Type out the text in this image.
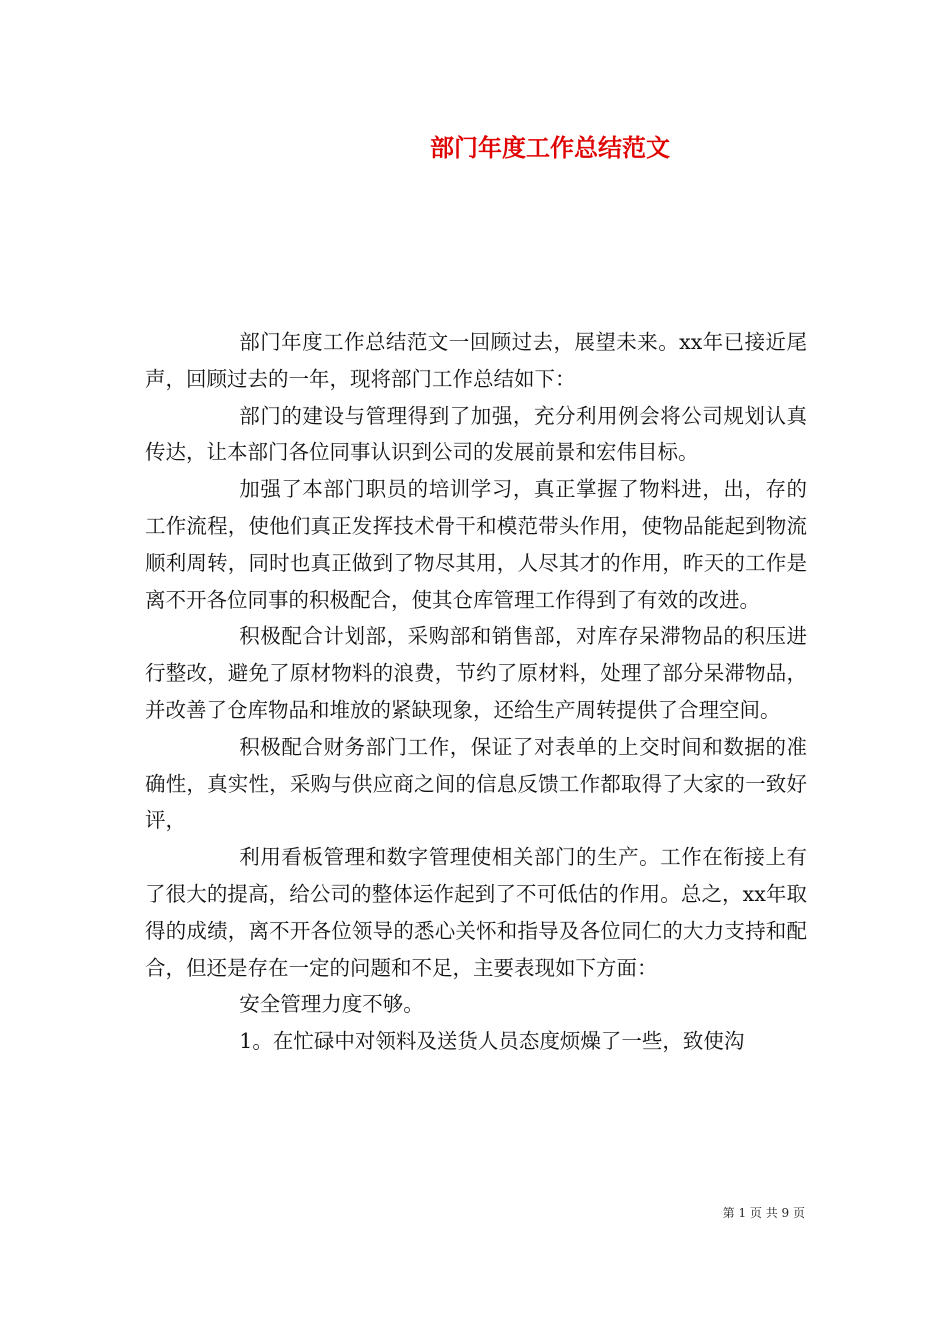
部门年度工作总结范文

部门年度工作总结范文一回顾过去，展望未来。xx年已接近尾声，回顾过去的一年，现将部门工作总结如下：

部门的建设与管理得到了加强，充分利用例会将公司规划认真传达，让本部门各位同事认识到公司的发展前景和宏伟目标。

加强了本部门职员的培训学习，真正掌握了物料进，出，存的工作流程，使他们真正发挥技术骨干和模范带头作用，使物品能起到物流顺利周转，同时也真正做到了物尽其用，人尽其才的作用，昨天的工作是离不开各位同事的积极配合，使其仓库管理工作得到了有效的改进。

积极配合计划部，采购部和销售部，对库存呆滞物品的积压进行整改，避免了原材物料的浪费，节约了原材料，处理了部分呆滞物品，并改善了仓库物品和堆放的紧缺现象，还给生产周转提供了合理空间。

积极配合财务部门工作，保证了对表单的上交时间和数据的准确性，真实性，采购与供应商之间的信息反馈工作都取得了大家的一致好评，

利用看板管理和数字管理使相关部门的生产。工作在衔接上有了很大的提高，给公司的整体运作起到了不可低估的作用。总之，xx年取得的成绩，离不开各位领导的悉心关怀和指导及各位同仁的大力支持和配合，但还是存在一定的问题和不足，主要表现如下方面：

安全管理力度不够。

1。在忙碌中对领料及送货人员态度烦燥了一些，致使沟

第 1 页 共 9 页
